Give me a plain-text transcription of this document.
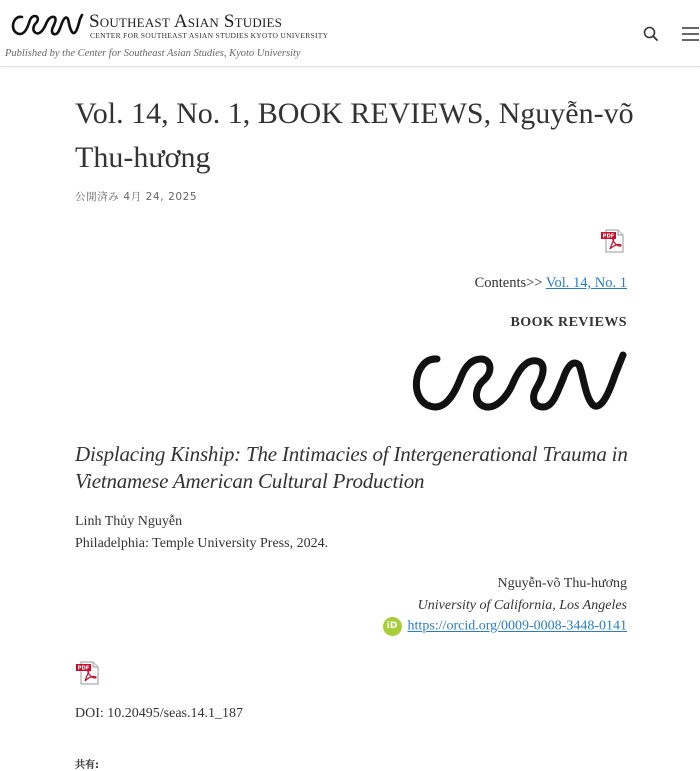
Southeast Asian Studies
CENTER FOR SOUTHEAST ASIAN STUDIES KYOTO UNIVERSITY
Published by the Center for Southeast Asian Studies, Kyoto University
Vol. 14, No. 1, BOOK REVIEWS, Nguyễn-võ Thu-hương
公開済み 4月 24, 2025
PDF
Contents>> Vol. 14, No. 1
BOOK REVIEWS
Displacing Kinship: The Intimacies of Intergenerational Trauma in Vietnamese American Cultural Production
Linh Thủy Nguyễn
Philadelphia: Temple University Press, 2024.
Nguyễn-võ Thu-hương
University of California, Los Angeles
iD https://orcid.org/0009-0008-3448-0141
PDF
DOI: 10.20495/seas.14.1_187
共有:
